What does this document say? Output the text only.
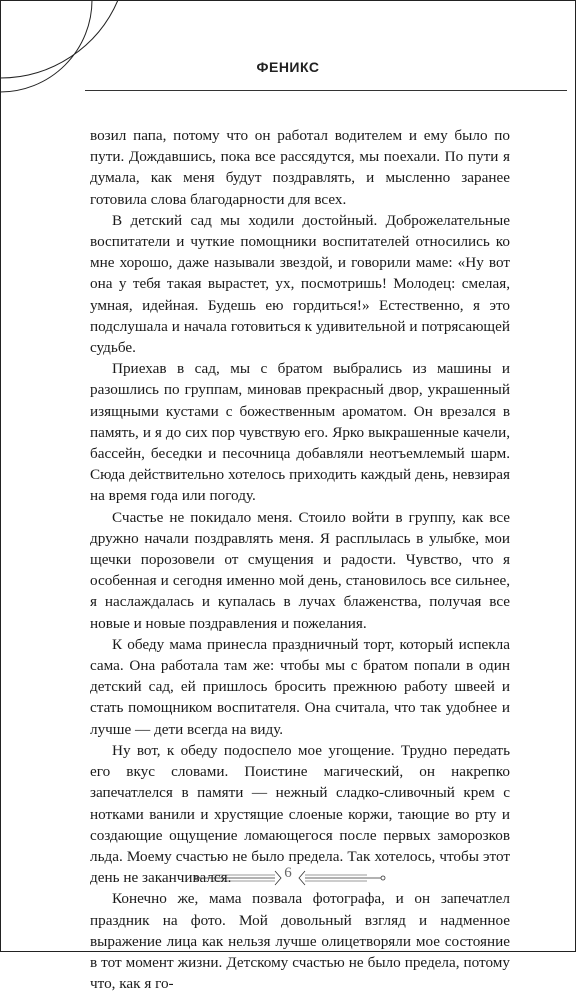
ФЕНИКС

возил папа, потому что он работал водителем и ему было по пути. Дождавшись, пока все рассядутся, мы поехали. По пути я думала, как меня будут поздравлять, и мысленно заранее готовила слова благодарности для всех.

В детский сад мы ходили достойный. Доброжелательные воспитатели и чуткие помощники воспитателей относились ко мне хорошо, даже называли звездой, и говорили маме: «Ну вот она у тебя такая вырастет, ух, посмотришь! Молодец: смелая, умная, идейная. Будешь ею гордиться!» Естественно, я это подслушала и начала готовиться к удивительной и потрясающей судьбе.

Приехав в сад, мы с братом выбрались из машины и разошлись по группам, миновав прекрасный двор, украшенный изящными кустами с божественным ароматом. Он врезался в память, и я до сих пор чувствую его. Ярко выкрашенные качели, бассейн, беседки и песочница добавляли неотъемлемый шарм. Сюда действительно хотелось приходить каждый день, невзирая на время года или погоду.

Счастье не покидало меня. Стоило войти в группу, как все дружно начали поздравлять меня. Я расплылась в улыбке, мои щечки порозовели от смущения и радости. Чувство, что я особенная и сегодня именно мой день, становилось все сильнее, я наслаждалась и купалась в лучах блаженства, получая все новые и новые поздравления и пожелания.

К обеду мама принесла праздничный торт, который испекла сама. Она работала там же: чтобы мы с братом попали в один детский сад, ей пришлось бросить прежнюю работу швеей и стать помощником воспитателя. Она считала, что так удобнее и лучше — дети всегда на виду.

Ну вот, к обеду подоспело мое угощение. Трудно передать его вкус словами. Поистине магический, он накрепко запечатлелся в памяти — нежный сладко-сливочный крем с нотками ванили и хрустящие слоеные коржи, тающие во рту и создающие ощущение ломающегося после первых заморозков льда. Моему счастью не было предела. Так хотелось, чтобы этот день не заканчивался.

Конечно же, мама позвала фотографа, и он запечатлел праздник на фото. Мой довольный взгляд и надменное выражение лица как нельзя лучше олицетворяли мое состояние в тот момент жизни. Детскому счастью не было предела, потому что, как я го-

6
